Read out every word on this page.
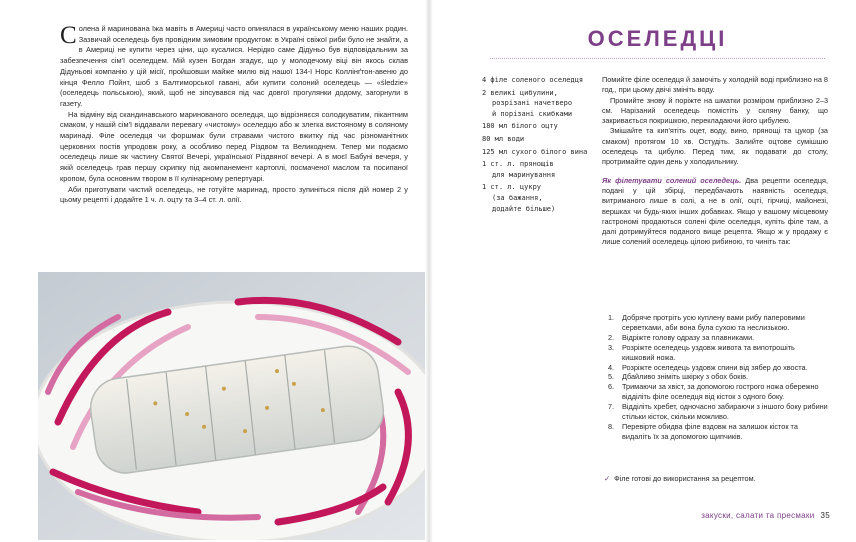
Солена й маринована їжа мавіть в Америці часто опинялася в українському меню наших родин. Зазвичай оселедець був провідним зимовим продуктом: в Україні свіжої риби було не знайти, а в Америці не купити через ціни, що кусалися. Нерідко саме Дідуньо був відповідальним за забезпечення сім'ї оселедцем. Мій кузен Богдан згадує, що у молодечому віці він якось склав Дідуньові компанію у цій місії, пройшовши майже милю від нашої 134-ї Норс Коллінґтон-авеню до кінця Фелло Пойнт, шоб з Балтиморської гавані, аби купити солоний оселедець — «śledzie» (оселедець польською), який, щоб не зіпсувався під час довгої прогулянки додому, загорнули в газету.

На відміну від скандинавського маринованого оселедця, що відрізняєся солодкуватим, пікантним смаком, у нашій сім'ї віддавали перевагу «чистому» оселедцю або ж злегка вистояному в соляному маринаді. Філе оселедця чи форшмак були стравами чистого вжитку під час різноманітних церковних постів упродовж року, а особливо перед Різдвом та Великоднем. Тепер ми подаємо оселедець лише як частину Святої Вечері, української Різдвяної вечері. А в моєї Бабуні вечеря, у якій оселедець грав першу скрипку під акомпанемент картоплі, посмаченої маслом та посипаної кропом, була основним твором в її кулінарному репертуарі.

Аби приготувати чистий оселедець, не готуйте маринад, просто зупиніться після дій номер 2 у цьому рецепті і додайте 1 ч. л. оцту та 3–4 ст. л. олії.

ОСЕЛЕДЦІ
4 філе соленого оселедця
2 великі цибулини,
розрізані начетверо
й порізані скибками
180 мл білого оцту
80 мл води
125 мл сухого білого вина
1 ст. л. прянощів
для маринування
1 ст. л. цукру
(за бажання,
додайте більше)

Помийте філе оселедця й замочіть у холодній воді приблизно на 8 год., при цьому двічі змініть воду.

Промийте знову й поріжте на шматки розміром приблизно 2–3 см. Нарізаний оселедець помістіть у скляну банку, що закривається покришкою, перекладаючи його цибулею.

Змішайте та кип'ятіть оцет, воду, вино, прянощі та цукор (за смаком) протягом 10 хв. Остудіть. Залийте оцтове сумішшю оселедець та цибулю. Перед тим, як подавати до столу, протримайте один день у холодильнику.

Як філетувати солений оселедець. Два рецепти оселедця, подані у цій збірці, передбачають наявність оселедця, витриманого лише в солі, а не в олії, оцті, гірчиці, майонезі, вершках чи будь-яких інших добавках. Якщо у вашому місцевому гастрономі продаються солені філе оселедця, купіть філе там, а далі дотримуйтеся поданого вище рецепта. Якщо ж у продажу є лише солений оселедець цілою рибиною, то чиніть так:

1. Добряче протріть усю куплену вами рибу паперовими серветками, аби вона була сухою та неслизькою.
2. Відріжте голову одразу за плавниками.
3. Розріжте оселедець уздовж живота та випотрошіть кишковий ножа.
4. Розріжте оселедець уздовж спини від зябер до хвоста.
5. Дбайливо зніміть шкірку з обох боків.
6. Тримаючи за хвіст, за допомогою гострого ножа обережно відділіть філе оселедця від кісток з одного боку.
7. Відділіть хребет, одночасно забираючи з іншого боку рибини стільки кісток, скільки можливо.
8. Перевірте обидва філе вздовж на залишок кісток та видаліть їх за допомогою щипчиків.
✓ Філе готові до використання за рецептом.
закуски, салати та пресмаки 35
